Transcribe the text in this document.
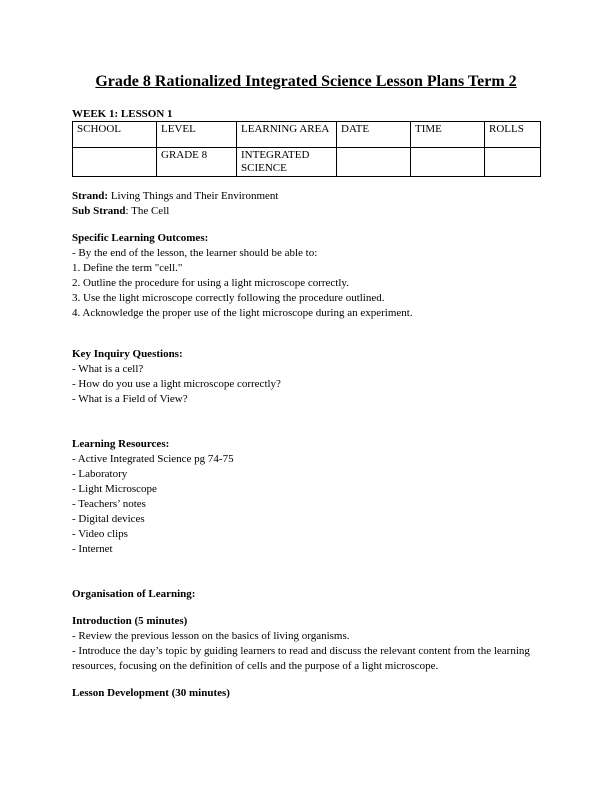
Grade 8 Rationalized Integrated Science Lesson Plans Term 2
WEEK 1: LESSON 1
SCHOOL	LEVEL	LEARNING AREA	DATE	TIME	ROLLS
	GRADE 8	INTEGRATED SCIENCE			
Strand: Living Things and Their Environment
Sub Strand: The Cell
Specific Learning Outcomes:
- By the end of the lesson, the learner should be able to:
1. Define the term "cell."
2. Outline the procedure for using a light microscope correctly.
3. Use the light microscope correctly following the procedure outlined.
4. Acknowledge the proper use of the light microscope during an experiment.
Key Inquiry Questions:
- What is a cell?
- How do you use a light microscope correctly?
- What is a Field of View?
Learning Resources:
- Active Integrated Science pg 74-75
- Laboratory
- Light Microscope
- Teachers’ notes
- Digital devices
- Video clips
- Internet
Organisation of Learning:
Introduction (5 minutes)
- Review the previous lesson on the basics of living organisms.
- Introduce the day’s topic by guiding learners to read and discuss the relevant content from the learning resources, focusing on the definition of cells and the purpose of a light microscope.
Lesson Development (30 minutes)
